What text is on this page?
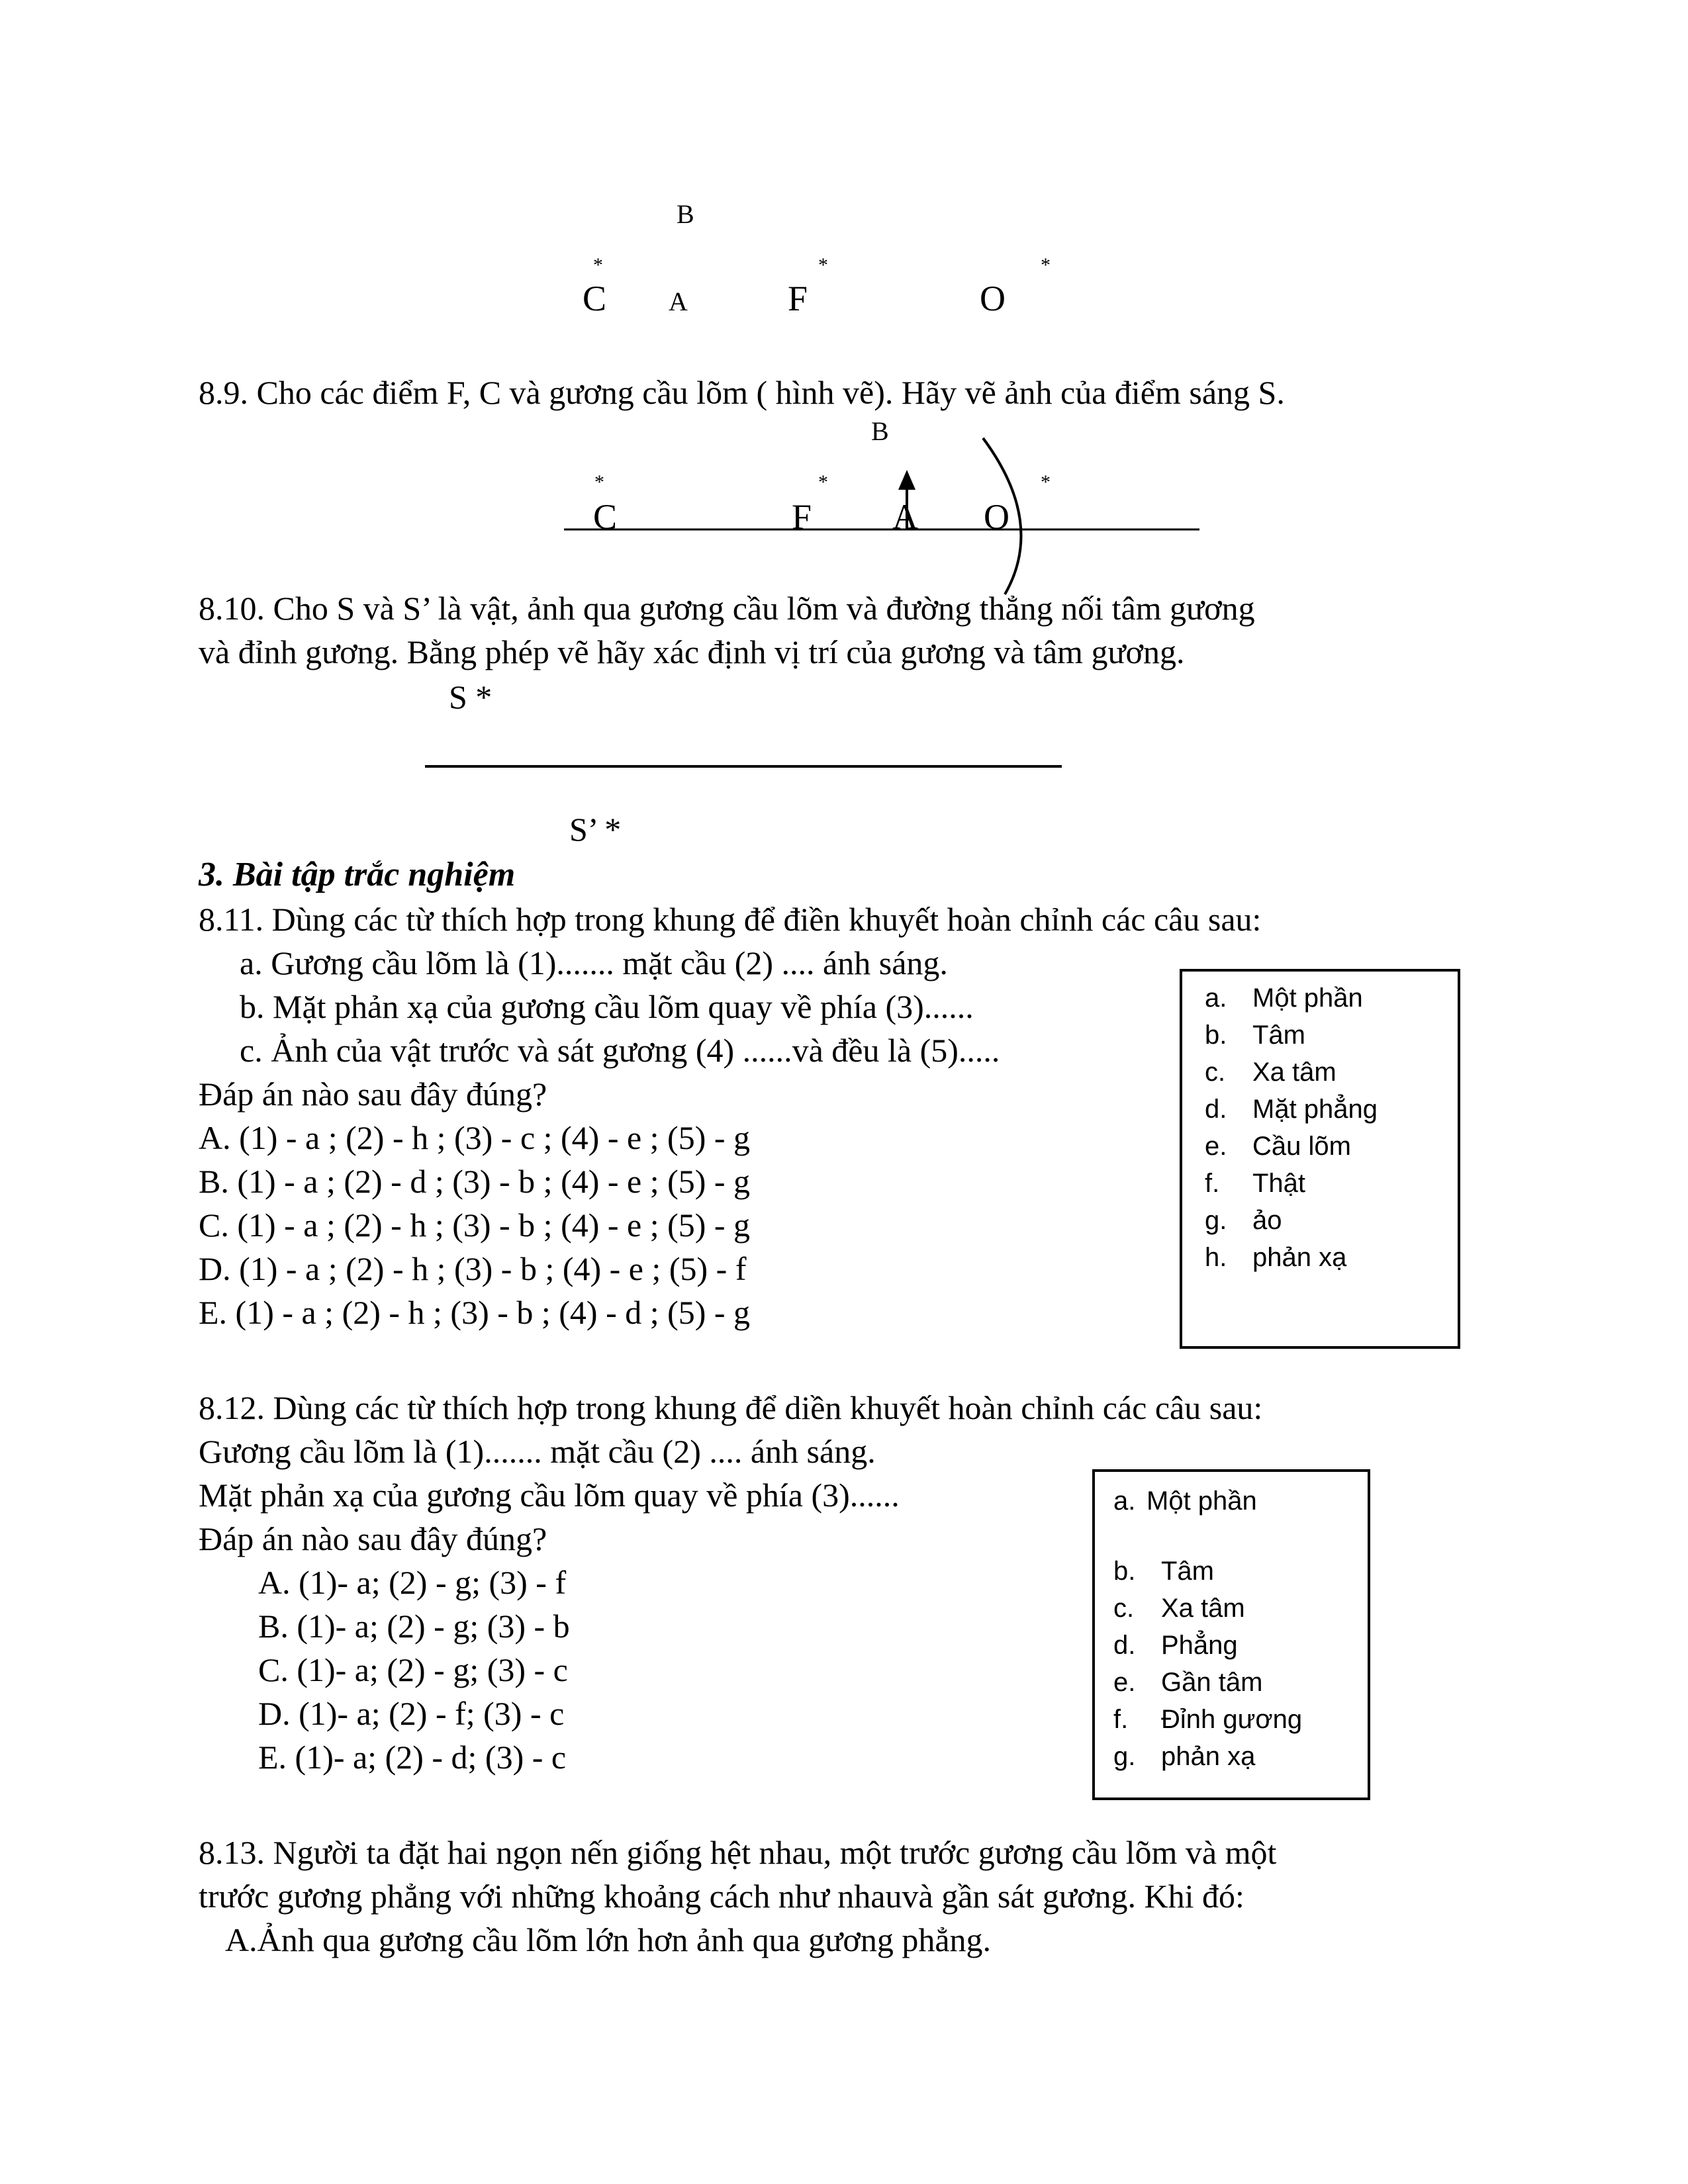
B
*	*	*
C A	F	O
8.9. Cho các điểm F, C và gương cầu lõm ( hình vẽ). Hãy vẽ ảnh của điểm sáng S.
B
*	*	*
C	F A O
8.10. Cho S và S’ là vật, ảnh qua gương cầu lõm và đường thẳng nối tâm gương
và đỉnh gương. Bằng phép vẽ hãy xác định vị trí của gương và tâm gương.
S *
S’ *
3. Bài tập trắc nghiệm
8.11. Dùng các từ thích hợp trong khung để điền khuyết hoàn chỉnh các câu sau:
a. Gương cầu lõm là (1)....... mặt cầu (2) .... ánh sáng.
b. Mặt phản xạ của gương cầu lõm quay về phía (3)......
c. Ảnh của vật trước và sát gương (4) ......và đều là (5).....
Đáp án nào sau đây đúng?
A. (1) - a ; (2) - h ; (3) - c ; (4) - e ; (5) - g
B. (1) - a ; (2) - d ; (3) - b ; (4) - e ; (5) - g
C. (1) - a ; (2) - h ; (3) - b ; (4) - e ; (5) - g
D. (1) - a ; (2) - h ; (3) - b ; (4) - e ; (5) - f
E. (1) - a ; (2) - h ; (3) - b ; (4) - d ; (5) - g
a. Một phần
b. Tâm
c. Xa tâm
d. Mặt phẳng
e. Cầu lõm
f. Thật
g. ảo
h. phản xạ
8.12. Dùng các từ thích hợp trong khung để diền khuyết hoàn chỉnh các câu sau:
Gương cầu lõm là (1)....... mặt cầu (2) .... ánh sáng.
Mặt phản xạ của gương cầu lõm quay về phía (3)......
Đáp án nào sau đây đúng?
A. (1)- a; (2) - g; (3) - f
B. (1)- a; (2) - g; (3) - b
C. (1)- a; (2) - g; (3) - c
D. (1)- a; (2) - f; (3) - c
E. (1)- a; (2) - d; (3) - c
a. Một phần
b. Tâm
c. Xa tâm
d. Phẳng
e. Gần tâm
f. Đỉnh gương
g. phản xạ
8.13. Người ta đặt hai ngọn nến giống hệt nhau, một trước gương cầu lõm và một
trước gương phẳng với những khoảng cách như nhauvà gần sát gương. Khi đó:
A.Ảnh qua gương cầu lõm lớn hơn ảnh qua gương phẳng.
